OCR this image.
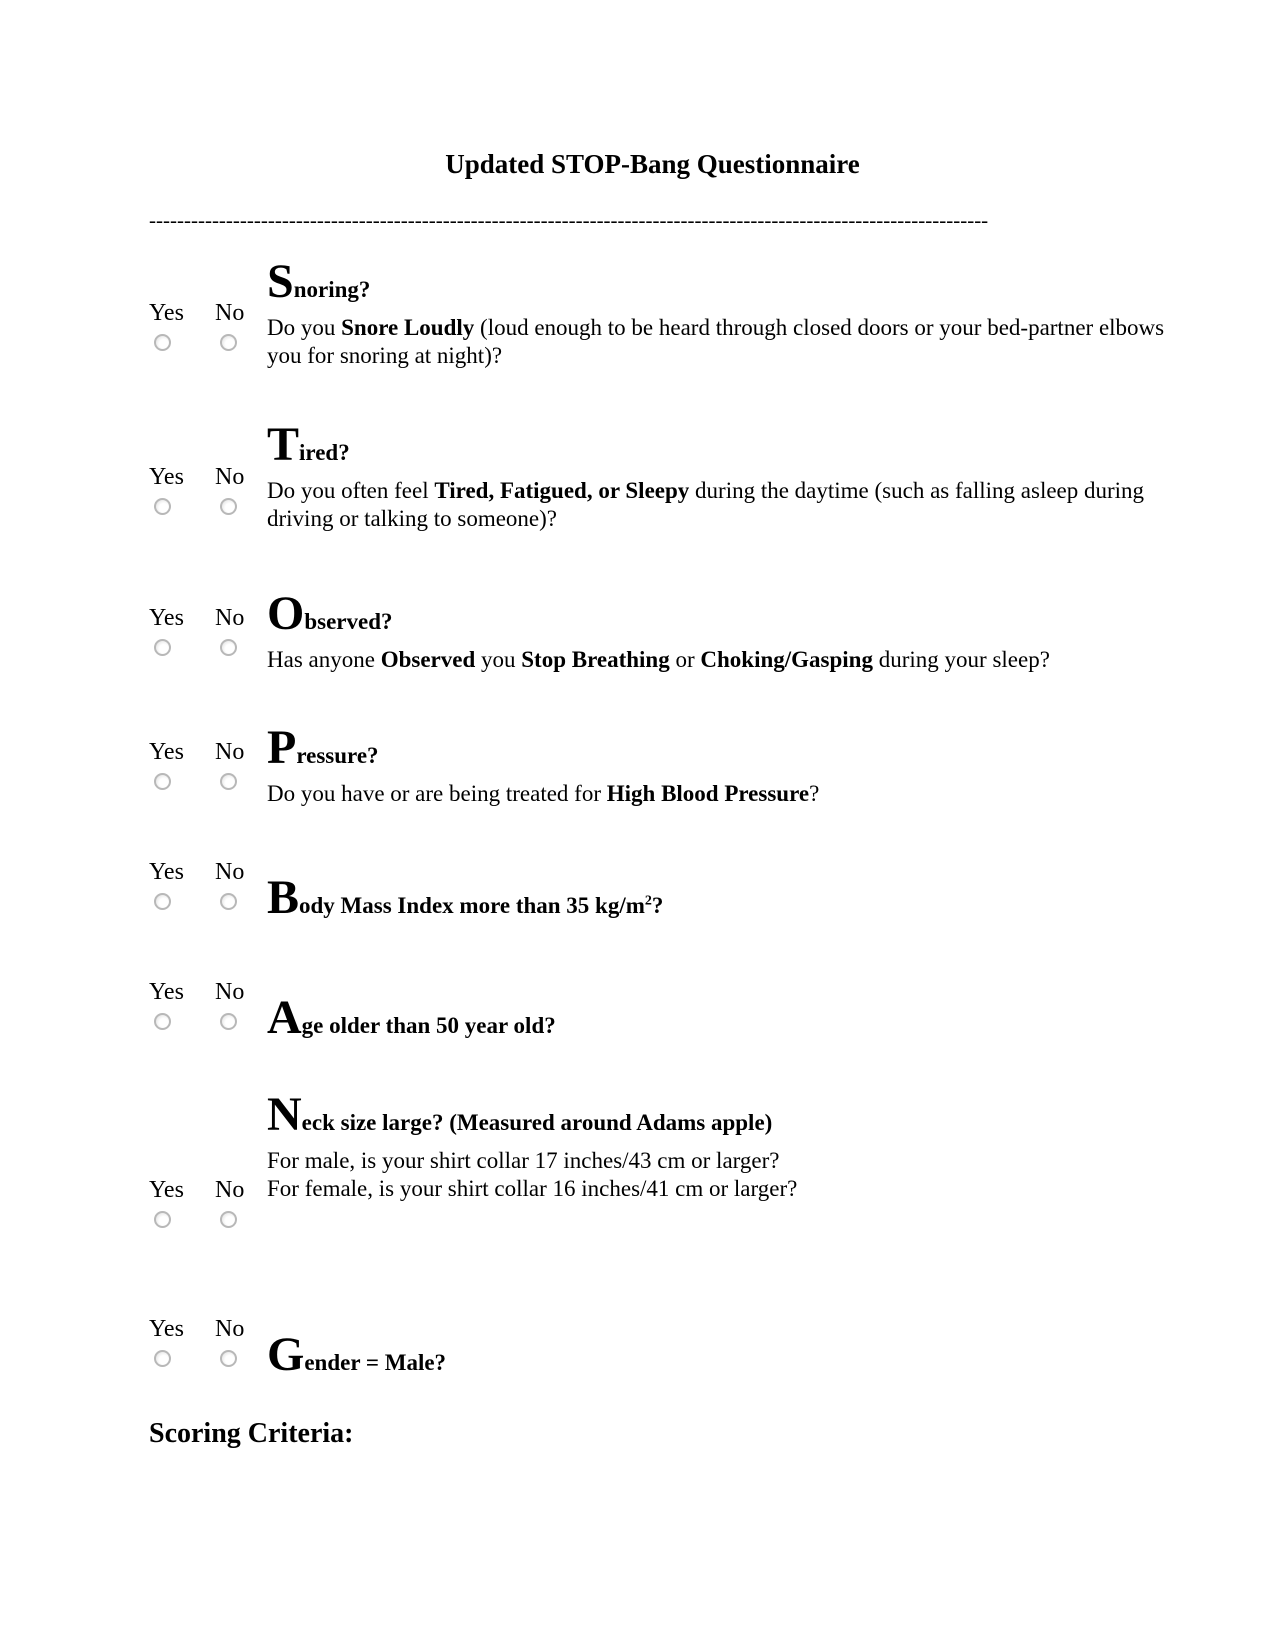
Updated STOP-Bang Questionnaire
------------------------------------------------------------------------------------------------------------------------
Yes No
Snoring?

Do you Snore Loudly (loud enough to be heard through closed doors or your bed-partner elbows you for snoring at night)?

Yes No
Tired?

Do you often feel Tired, Fatigued, or Sleepy during the daytime (such as falling asleep during driving or talking to someone)?

Yes No Observed?

Has anyone Observed you Stop Breathing or Choking/Gasping during your sleep?

Yes No Pressure?

Do you have or are being treated for High Blood Pressure?

Yes No Body Mass Index more than 35 $kg/m^2$?
Yes No Age older than 50 year old?
Yes No
Neck size large? (Measured around Adams apple)

For male, is your shirt collar 17 inches/43 cm or larger?

For female, is your shirt collar 16 inches/41 cm or larger?

Yes No Gender = Male?
Scoring Criteria:
